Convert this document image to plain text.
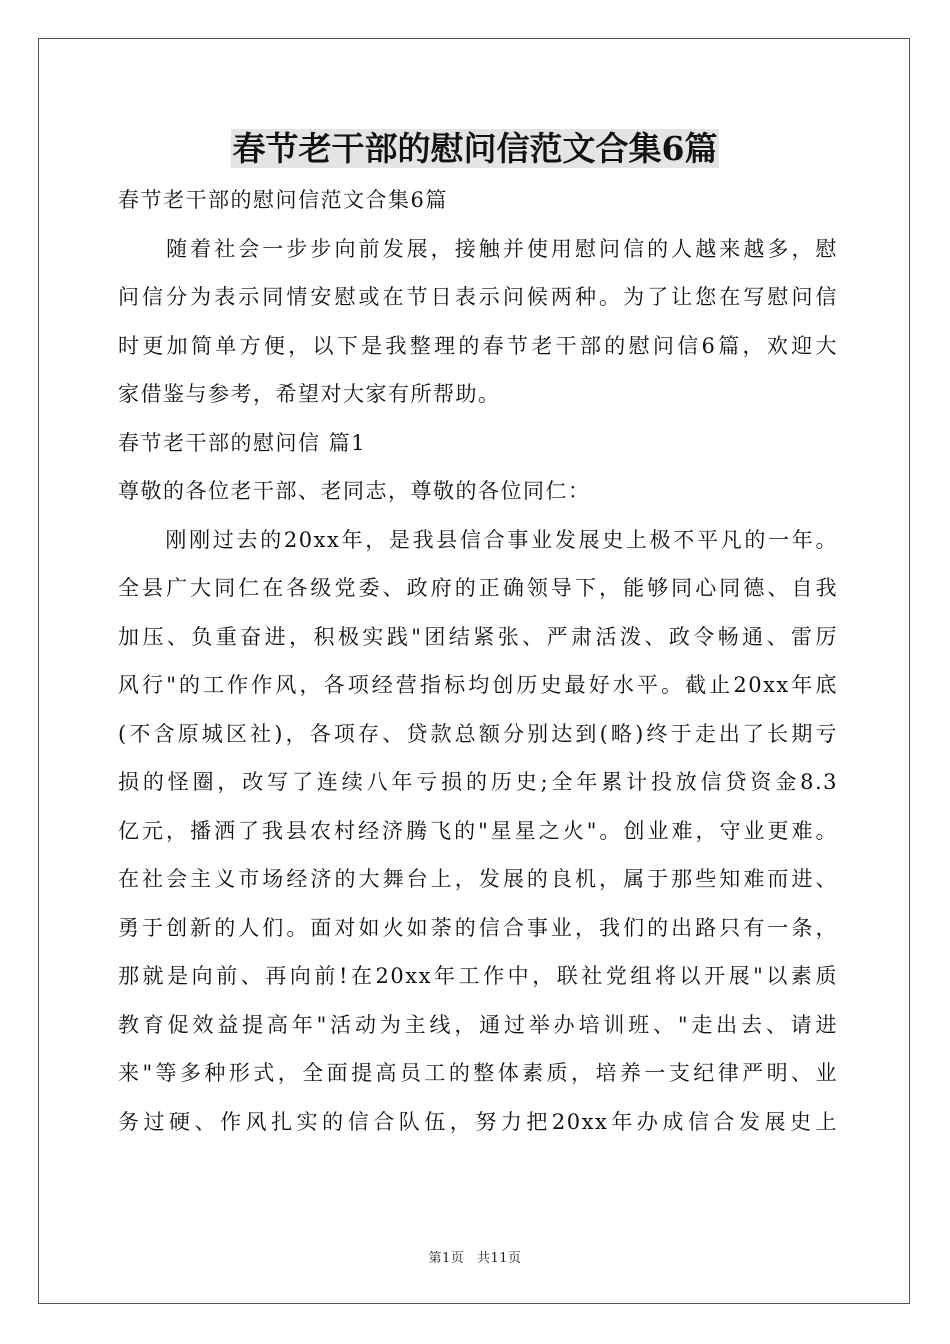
春节老干部的慰问信范文合集6篇
春节老干部的慰问信范文合集6篇
　　随着社会一步步向前发展，接触并使用慰问信的人越来越多，慰
问信分为表示同情安慰或在节日表示问候两种。为了让您在写慰问信
时更加简单方便，以下是我整理的春节老干部的慰问信6篇，欢迎大
家借鉴与参考，希望对大家有所帮助。
春节老干部的慰问信 篇1
尊敬的各位老干部、老同志，尊敬的各位同仁：
　　刚刚过去的20xx年，是我县信合事业发展史上极不平凡的一年。
全县广大同仁在各级党委、政府的正确领导下，能够同心同德、自我
加压、负重奋进，积极实践"团结紧张、严肃活泼、政令畅通、雷厉
风行"的工作作风，各项经营指标均创历史最好水平。截止20xx年底
(不含原城区社)，各项存、贷款总额分别达到(略)终于走出了长期亏
损的怪圈，改写了连续八年亏损的历史;全年累计投放信贷资金8.3
亿元，播洒了我县农村经济腾飞的"星星之火"。创业难，守业更难。
在社会主义市场经济的大舞台上，发展的良机，属于那些知难而进、
勇于创新的人们。面对如火如荼的信合事业，我们的出路只有一条，
那就是向前、再向前!在20xx年工作中，联社党组将以开展"以素质
教育促效益提高年"活动为主线，通过举办培训班、"走出去、请进
来"等多种形式，全面提高员工的整体素质，培养一支纪律严明、业
务过硬、作风扎实的信合队伍，努力把20xx年办成信合发展史上
第1页 共11页
